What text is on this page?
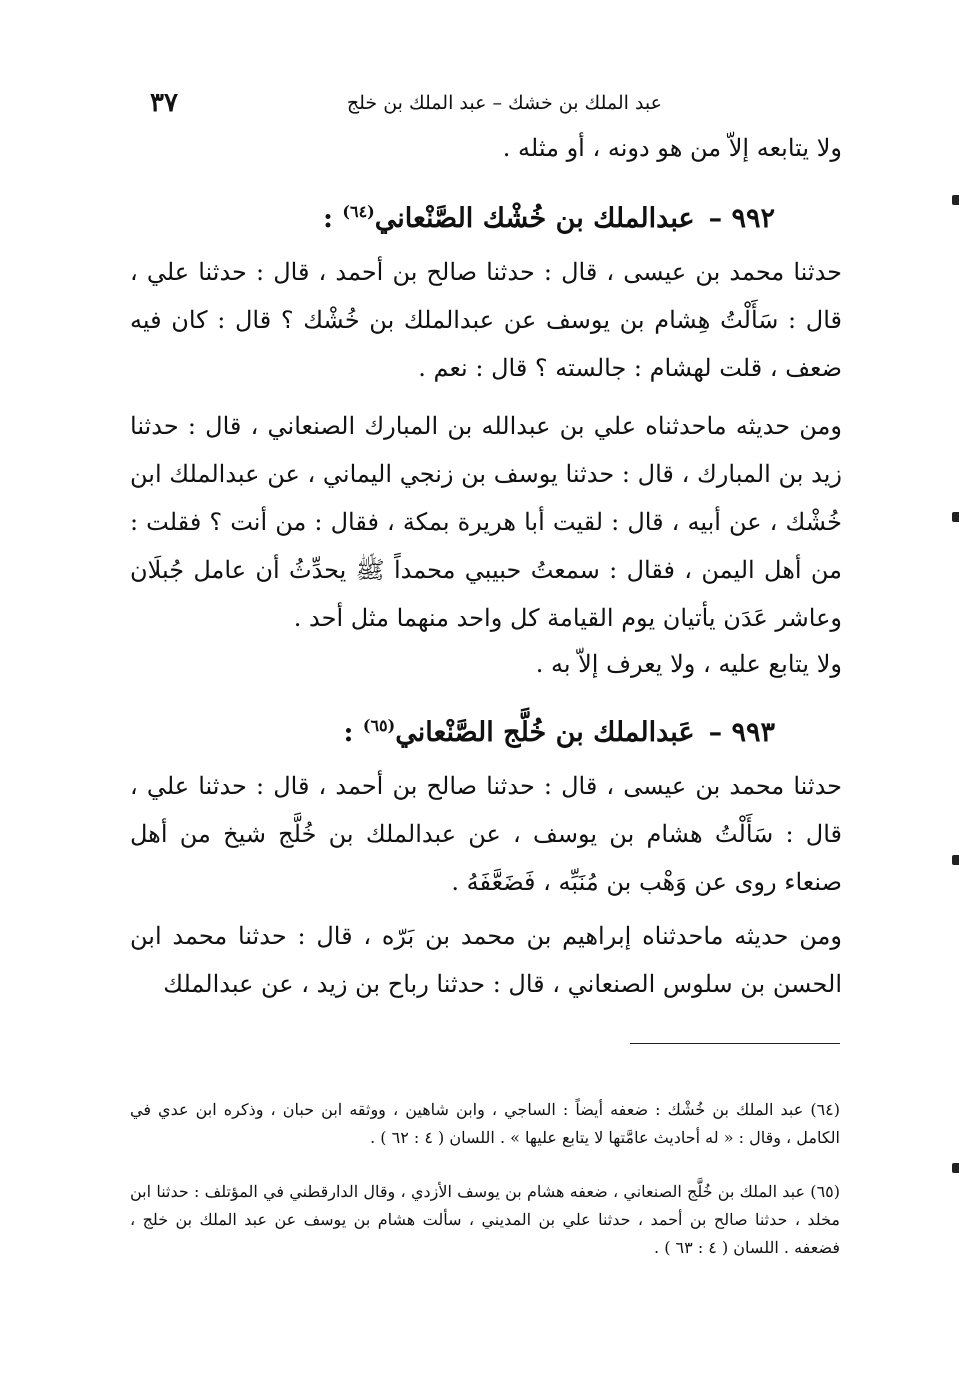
٣٧	عبد الملك بن خشك – عبد الملك بن خلج

ولا يتابعه إلاّ من هو دونه ، أو مثله .

٩٩٢ –عبدالملك بن خُشْك الصَّنْعاني$^{(٦٤)}$ :

حدثنا محمد بن عيسى ، قال : حدثنا صالح بن أحمد ، قال : حدثنا علي ، قال : سَأَلْتُ هِشام بن يوسف عن عبدالملك بن خُشْك ؟ قال : كان فيه ضعف ، قلت لهشام : جالسته ؟ قال : نعم .

ومن حديثه ماحدثناه علي بن عبدالله بن المبارك الصنعاني ، قال : حدثنا زيد بن المبارك ، قال : حدثنا يوسف بن زنجي اليماني ، عن عبدالملك ابن خُشْك ، عن أبيه ، قال : لقيت أبا هريرة بمكة ، فقال : من أنت ؟ فقلت : من أهل اليمن ، فقال : سمعتُ حبيبي محمداً ﷺ يحدِّثُ أن عامل جُبلَان وعاشر عَدَن يأتيان يوم القيامة كل واحد منهما مثل أحد .

ولا يتابع عليه ، ولا يعرف إلاّ به .

٩٩٣ –عَبدالملك بن خُلَّج الصَّنْعاني$^{(٦٥)}$ :

حدثنا محمد بن عيسى ، قال : حدثنا صالح بن أحمد ، قال : حدثنا علي ، قال : سَأَلْتُ هشام بن يوسف ، عن عبدالملك بن خُلَّج شيخ من أهل صنعاء روى عن وَهْب بن مُنَبِّه ، فَضَعَّفَهُ .

ومن حديثه ماحدثناه إبراهيم بن محمد بن بَرّه ، قال : حدثنا محمد ابن الحسن بن سلوس الصنعاني ، قال : حدثنا رباح بن زيد ، عن عبدالملك

(٦٤) عبد الملك بن خُشْك : ضعفه أيضاً : الساجي ، وابن شاهين ، ووثقه ابن حبان ، وذكره ابن عدي في الكامل ، وقال : « له أحاديث عامَّتها لا يتابع عليها » . اللسان ( ٤ : ٦٢ ) .

(٦٥) عبد الملك بن خُلَّج الصنعاني ، ضعفه هشام بن يوسف الأزدي ، وقال الدارقطني في المؤتلف : حدثنا ابن مخلد ، حدثنا صالح بن أحمد ، حدثنا علي بن المديني ، سألت هشام بن يوسف عن عبد الملك بن خلج ، فضعفه . اللسان ( ٤ : ٦٣ ) .
